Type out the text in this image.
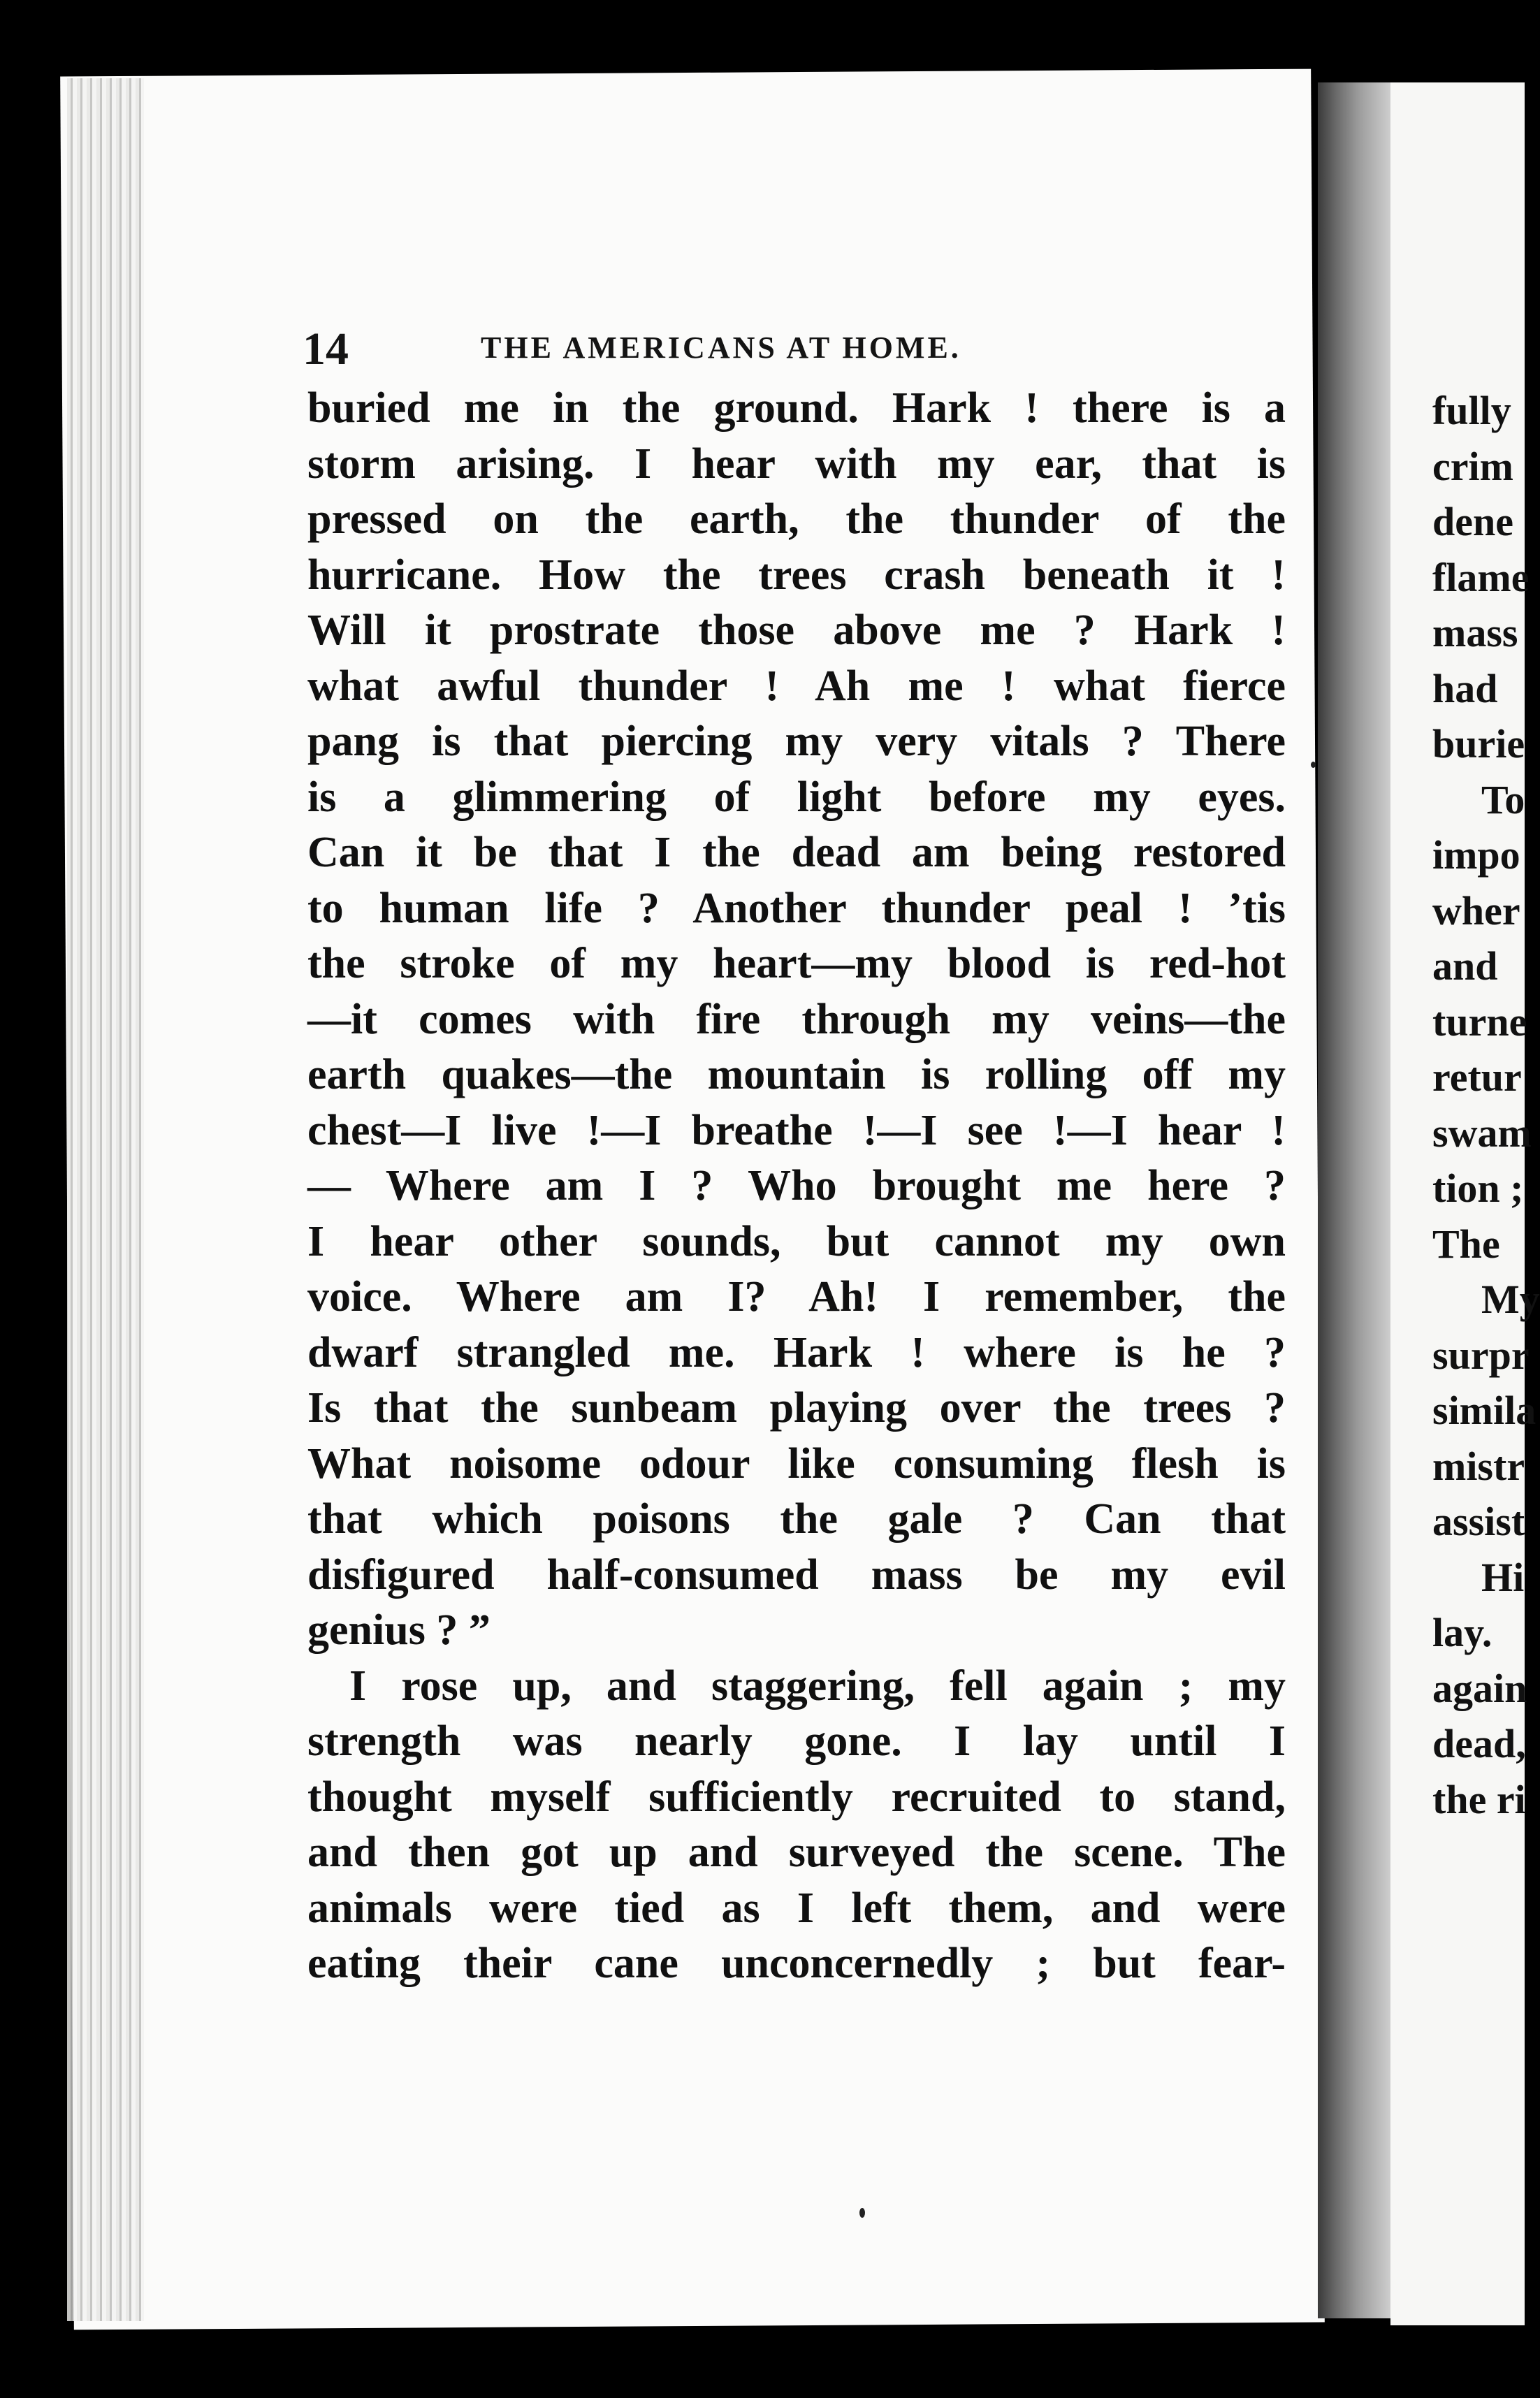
fully
crim
dene
flame
mass
had
burie
To
impo
wher
and
turne
retur
swam
tion ;
The
My
surpr
simila
mistr
assist
Hi
lay.
again
dead,
the ri
14	THE AMERICANS AT HOME.
buried me in the ground. Hark ! there is a
storm arising. I hear with my ear, that is
pressed on the earth, the thunder of the
hurricane. How the trees crash beneath it !
Will it prostrate those above me ? Hark !
what awful thunder ! Ah me ! what fierce
pang is that piercing my very vitals ? There
is a glimmering of light before my eyes.
Can it be that I the dead am being restored
to human life ? Another thunder peal ! ’tis
the stroke of my heart—my blood is red-hot
—it comes with fire through my veins—the
earth quakes—the mountain is rolling off my
chest—I live !—I breathe !—I see !—I hear !
— Where am I ? Who brought me here ?
I hear other sounds, but cannot my own
voice. Where am I? Ah! I remember, the
dwarf strangled me. Hark ! where is he ?
Is that the sunbeam playing over the trees ?
What noisome odour like consuming flesh is
that which poisons the gale ? Can that
disfigured half-consumed mass be my evil
genius ? ”
I rose up, and staggering, fell again ; my
strength was nearly gone. I lay until I
thought myself sufficiently recruited to stand,
and then got up and surveyed the scene. The
animals were tied as I left them, and were
eating their cane unconcernedly ; but fear-
